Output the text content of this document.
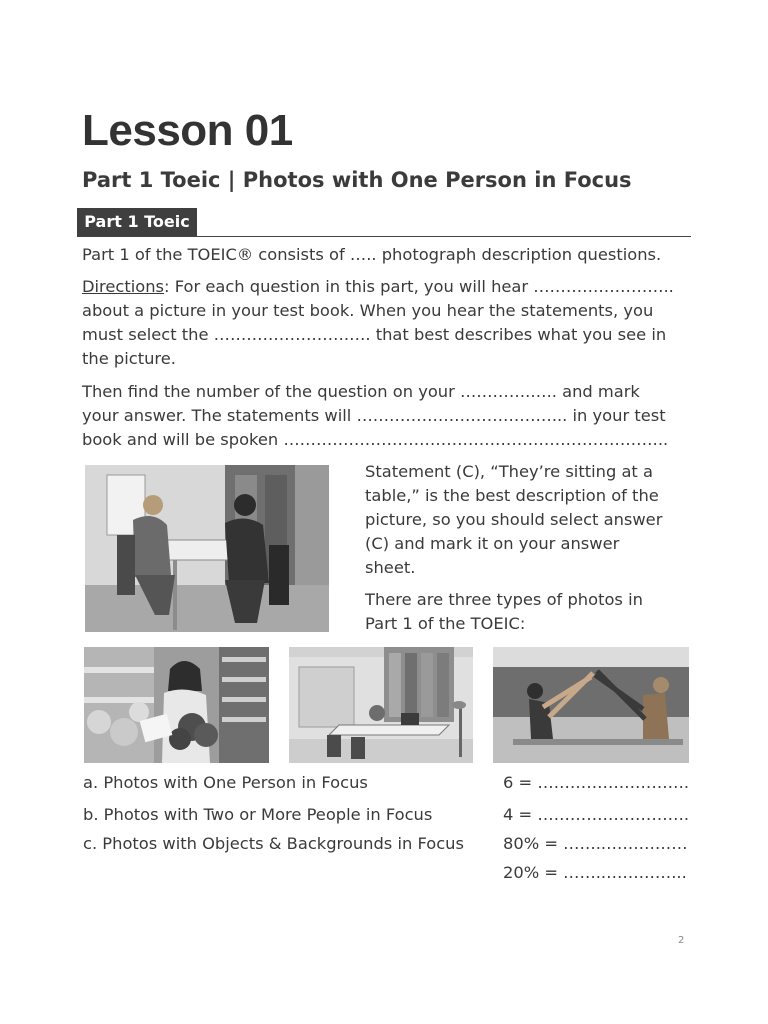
Lesson 01
Part 1 Toeic | Photos with One Person in Focus
Part 1 Toeic

Part 1 of the TOEIC® consists of ….. photograph description questions.

Directions: For each question in this part, you will hear ……………………..
about a picture in your test book. When you hear the statements, you
must select the …………………….…. that best describes what you see in
the picture.
Then find the number of the question on your ………….….. and mark
your answer. The statements will ………………………………... in your test
book and will be spoken ……………………………………………………………..
Statement (C), “They’re sitting at a
table,” is the best description of the
picture, so you should select answer
(C) and mark it on your answer
sheet.
There are three types of photos in
Part 1 of the TOEIC:

a. Photos with One Person in Focus

b. Photos with Two or More People in Focus

c. Photos with Objects & Backgrounds in Focus

6 = ……………………….

4 = ……………………….

80% = ……..……………

20% = ……..…………...

2
